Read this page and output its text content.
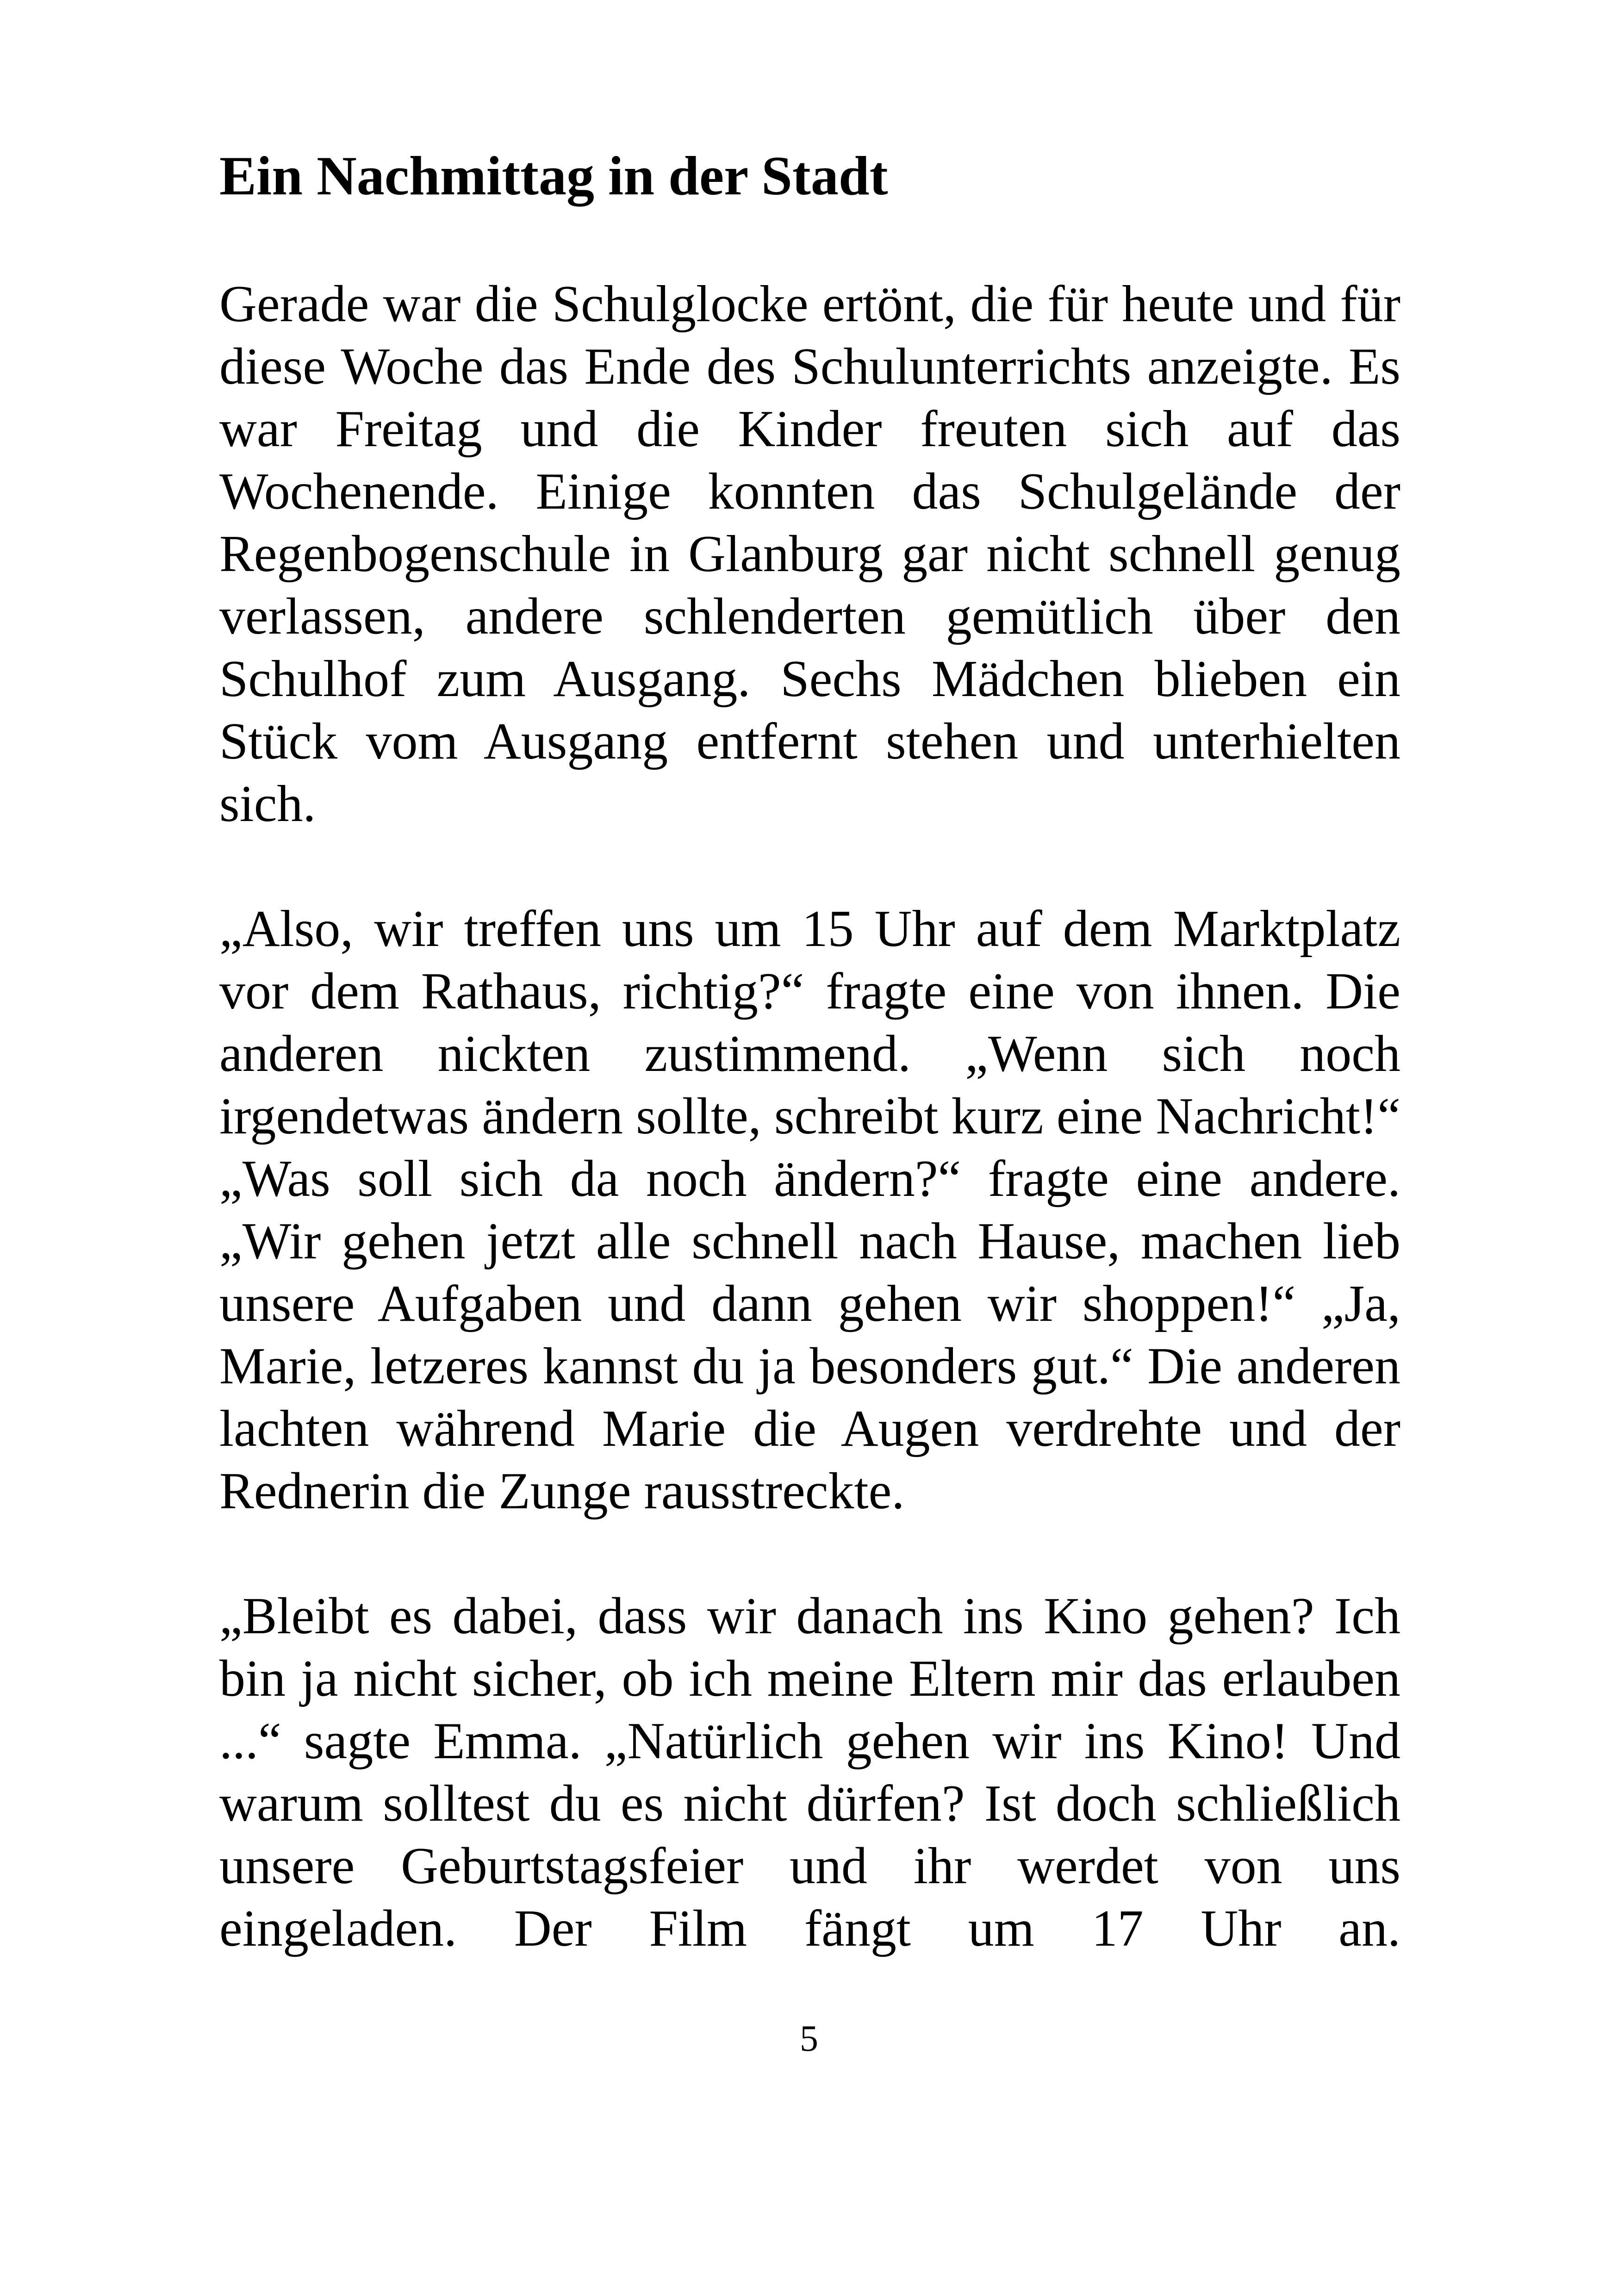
Ein Nachmittag in der Stadt

Gerade war die Schulglocke ertönt, die für heute und für diese Woche das Ende des Schulunterrichts anzeigte. Es war Freitag und die Kinder freuten sich auf das Wochenende. Einige konnten das Schulgelände der Regenbogenschule in Glanburg gar nicht schnell genug verlassen, andere schlenderten gemütlich über den Schulhof zum Ausgang. Sechs Mädchen blieben ein Stück vom Ausgang entfernt stehen und unterhielten sich.

„Also, wir treffen uns um 15 Uhr auf dem Marktplatz vor dem Rathaus, richtig?“ fragte eine von ihnen. Die anderen nickten zustimmend. „Wenn sich noch irgendetwas ändern sollte, schreibt kurz eine Nachricht!“ „Was soll sich da noch ändern?“ fragte eine andere. „Wir gehen jetzt alle schnell nach Hause, machen lieb unsere Aufgaben und dann gehen wir shoppen!“ „Ja, Marie, letzeres kannst du ja besonders gut.“ Die anderen lachten während Marie die Augen verdrehte und der Rednerin die Zunge rausstreckte.

„Bleibt es dabei, dass wir danach ins Kino gehen? Ich bin ja nicht sicher, ob ich meine Eltern mir das erlauben ...“ sagte Emma. „Natürlich gehen wir ins Kino! Und warum solltest du es nicht dürfen? Ist doch schließlich unsere Geburtstagsfeier und ihr werdet von uns eingeladen. Der Film fängt um 17 Uhr an.

5
